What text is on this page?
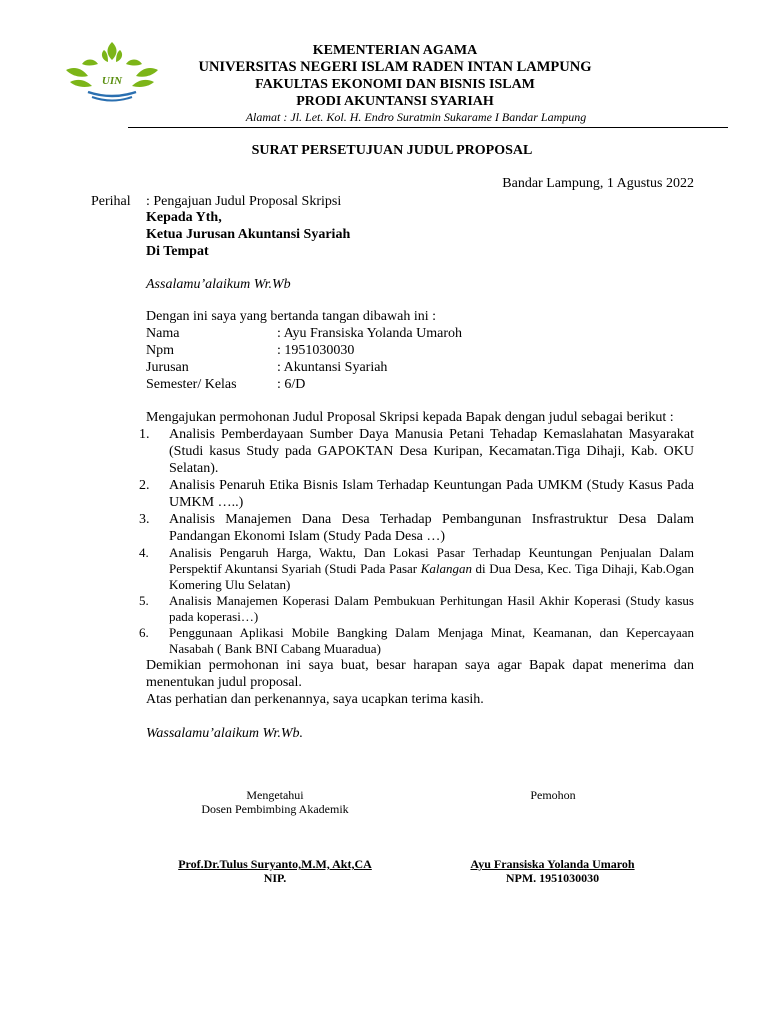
UIN
KEMENTERIAN AGAMA
UNIVERSITAS NEGERI ISLAM RADEN INTAN LAMPUNG
FAKULTAS EKONOMI DAN BISNIS ISLAM
PRODI AKUNTANSI SYARIAH
Alamat : Jl. Let. Kol. H. Endro Suratmin Sukarame I Bandar Lampung
SURAT PERSETUJUAN JUDUL PROPOSAL
Bandar Lampung, 1 Agustus 2022
Perihal : Pengajuan Judul Proposal Skripsi
Kepada Yth,
Ketua Jurusan Akuntansi Syariah
Di Tempat
Assalamu’alaikum Wr.Wb
Dengan ini saya yang bertanda tangan dibawah ini :
Nama	: Ayu Fransiska Yolanda Umaroh
Npm	: 1951030030
Jurusan	: Akuntansi Syariah
Semester/ Kelas	: 6/D
Mengajukan permohonan Judul Proposal Skripsi kepada Bapak dengan judul sebagai berikut :
1. Analisis Pemberdayaan Sumber Daya Manusia Petani Tehadap Kemaslahatan Masyarakat (Studi kasus Study pada GAPOKTAN Desa Kuripan, Kecamatan.Tiga Dihaji, Kab. OKU Selatan).
2. Analisis Penaruh Etika Bisnis Islam Terhadap Keuntungan Pada UMKM (Study Kasus Pada UMKM …..)
3. Analisis Manajemen Dana Desa Terhadap Pembangunan Insfrastruktur Desa Dalam Pandangan Ekonomi Islam (Study Pada Desa …)
4. Analisis Pengaruh Harga, Waktu, Dan Lokasi Pasar Terhadap Keuntungan Penjualan Dalam Perspektif Akuntansi Syariah (Studi Pada Pasar Kalangan di Dua Desa, Kec. Tiga Dihaji, Kab.Ogan Komering Ulu Selatan)
5. Analisis Manajemen Koperasi Dalam Pembukuan Perhitungan Hasil Akhir Koperasi (Study kasus pada koperasi…)
6. Penggunaan Aplikasi Mobile Bangking Dalam Menjaga Minat, Keamanan, dan Kepercayaan Nasabah ( Bank BNI Cabang Muaradua)
Demikian permohonan ini saya buat, besar harapan saya agar Bapak dapat menerima dan menentukan judul proposal.
Atas perhatian dan perkenannya, saya ucapkan terima kasih.
Wassalamu’alaikum Wr.Wb.
Mengetahui
Dosen Pembimbing Akademik
Pemohon
Prof.Dr.Tulus Suryanto,M.M, Akt,CA
NIP.
Ayu Fransiska Yolanda Umaroh
NPM. 1951030030
